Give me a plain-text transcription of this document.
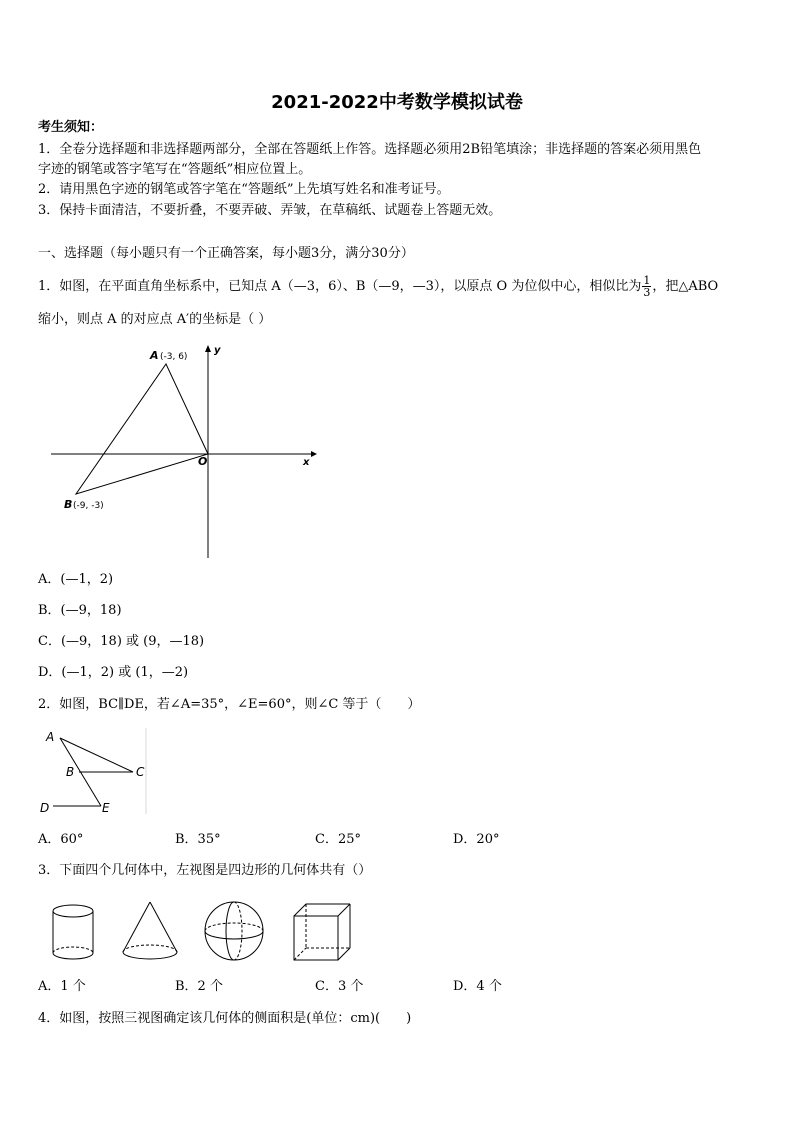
2021-2022中考数学模拟试卷
考生须知：
1．全卷分选择题和非选择题两部分，全部在答题纸上作答。选择题必须用2B铅笔填涂；非选择题的答案必须用黑色
字迹的钢笔或答字笔写在“答题纸”相应位置上。
2．请用黑色字迹的钢笔或答字笔在“答题纸”上先填写姓名和准考证号。
3．保持卡面清洁，不要折叠，不要弄破、弄皱，在草稿纸、试题卷上答题无效。
一、选择题（每小题只有一个正确答案，每小题3分，满分30分）
1．如图，在平面直角坐标系中，已知点 A（—3，6）、B（—9，—3），以原点 O 为位似中心，相似比为 $\frac{1}{3}$ ，把△ABO
缩小，则点 A 的对应点 A′的坐标是（ ）
A (-3, 6)
B (-9, -3)
O	x
y
A．(—1，2)
B．(—9，18)
C．(—9，18) 或 (9，—18)
D．(—1，2) 或 (1，—2)
2．如图，BC∥DE，若∠A=35°，∠E=60°，则∠C 等于（　　）
A
B	C
D	E
A．60°	B．35°	C．25°	D．20°
3．下面四个几何体中，左视图是四边形的几何体共有（）
A．1 个	B．2 个	C．3 个	D．4 个
4．如图，按照三视图确定该几何体的侧面积是(单位：cm)(　　)
